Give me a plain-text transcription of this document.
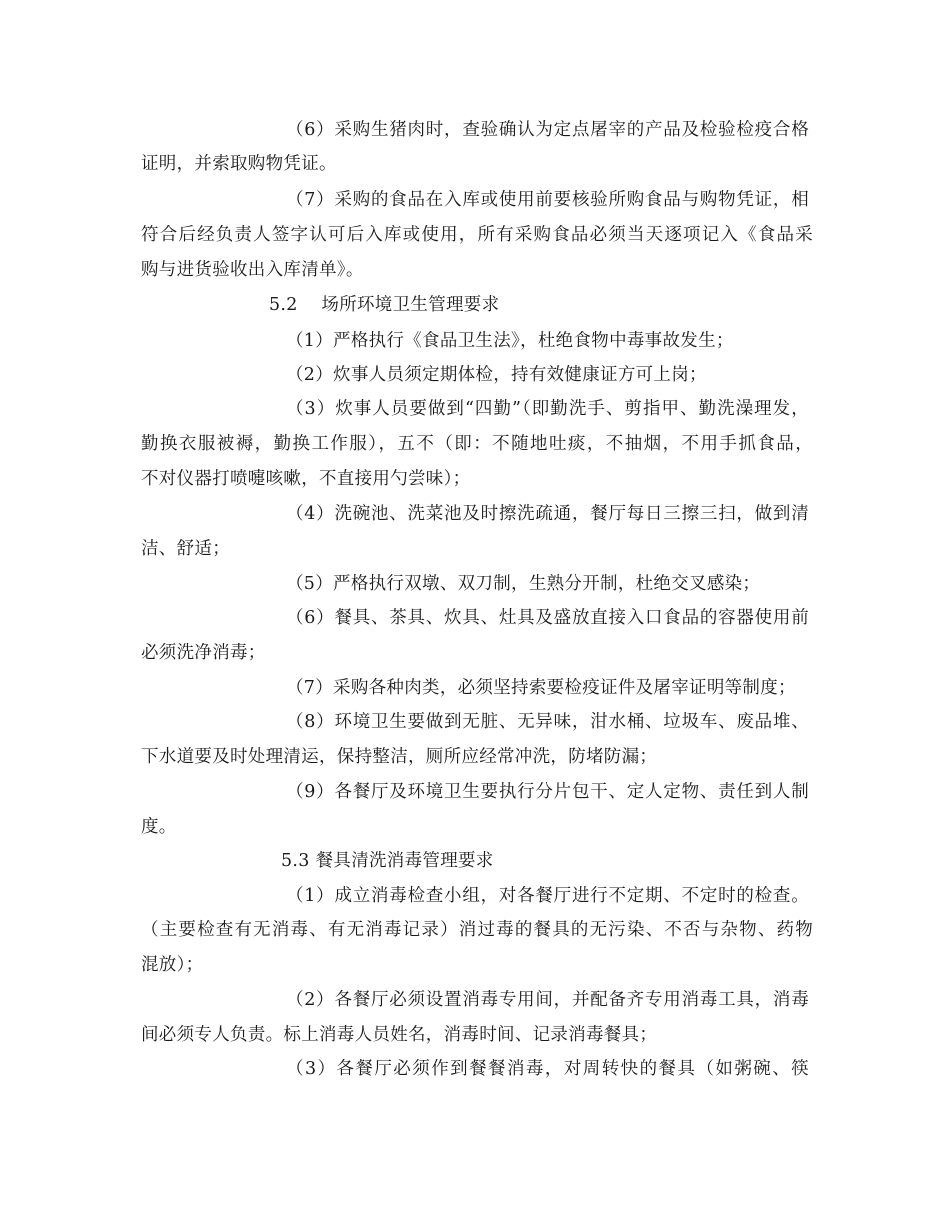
（6）采购生猪肉时，查验确认为定点屠宰的产品及检验检疫合格
证明，并索取购物凭证。
（7）采购的食品在入库或使用前要核验所购食品与购物凭证，相
符合后经负责人签字认可后入库或使用，所有采购食品必须当天逐项记入《食品采
购与进货验收出入库清单》。
5.2　 场所环境卫生管理要求
（1）严格执行《食品卫生法》，杜绝食物中毒事故发生；
（2）炊事人员须定期体检，持有效健康证方可上岗；
（3）炊事人员要做到“四勤”（即勤洗手、剪指甲、勤洗澡理发，
勤换衣服被褥，勤换工作服），五不（即：不随地吐痰，不抽烟，不用手抓食品，
不对仪器打喷嚏咳嗽，不直接用勺尝味）；
（4）洗碗池、洗菜池及时擦洗疏通，餐厅每日三擦三扫，做到清
洁、舒适；
（5）严格执行双墩、双刀制，生熟分开制，杜绝交叉感染；
（6）餐具、茶具、炊具、灶具及盛放直接入口食品的容器使用前
必须洗净消毒；
（7）采购各种肉类，必须坚持索要检疫证件及屠宰证明等制度；
（8）环境卫生要做到无脏、无异味，泔水桶、垃圾车、废品堆、
下水道要及时处理清运，保持整洁，厕所应经常冲洗，防堵防漏；
（9）各餐厅及环境卫生要执行分片包干、定人定物、责任到人制
度。
5.3 餐具清洗消毒管理要求
（1）成立消毒检查小组，对各餐厅进行不定期、不定时的检查。
（主要检查有无消毒、有无消毒记录）消过毒的餐具的无污染、不否与杂物、药物
混放）；
（2）各餐厅必须设置消毒专用间，并配备齐专用消毒工具，消毒
间必须专人负责。标上消毒人员姓名，消毒时间、记录消毒餐具；
（3）各餐厅必须作到餐餐消毒，对周转快的餐具（如粥碗、筷
